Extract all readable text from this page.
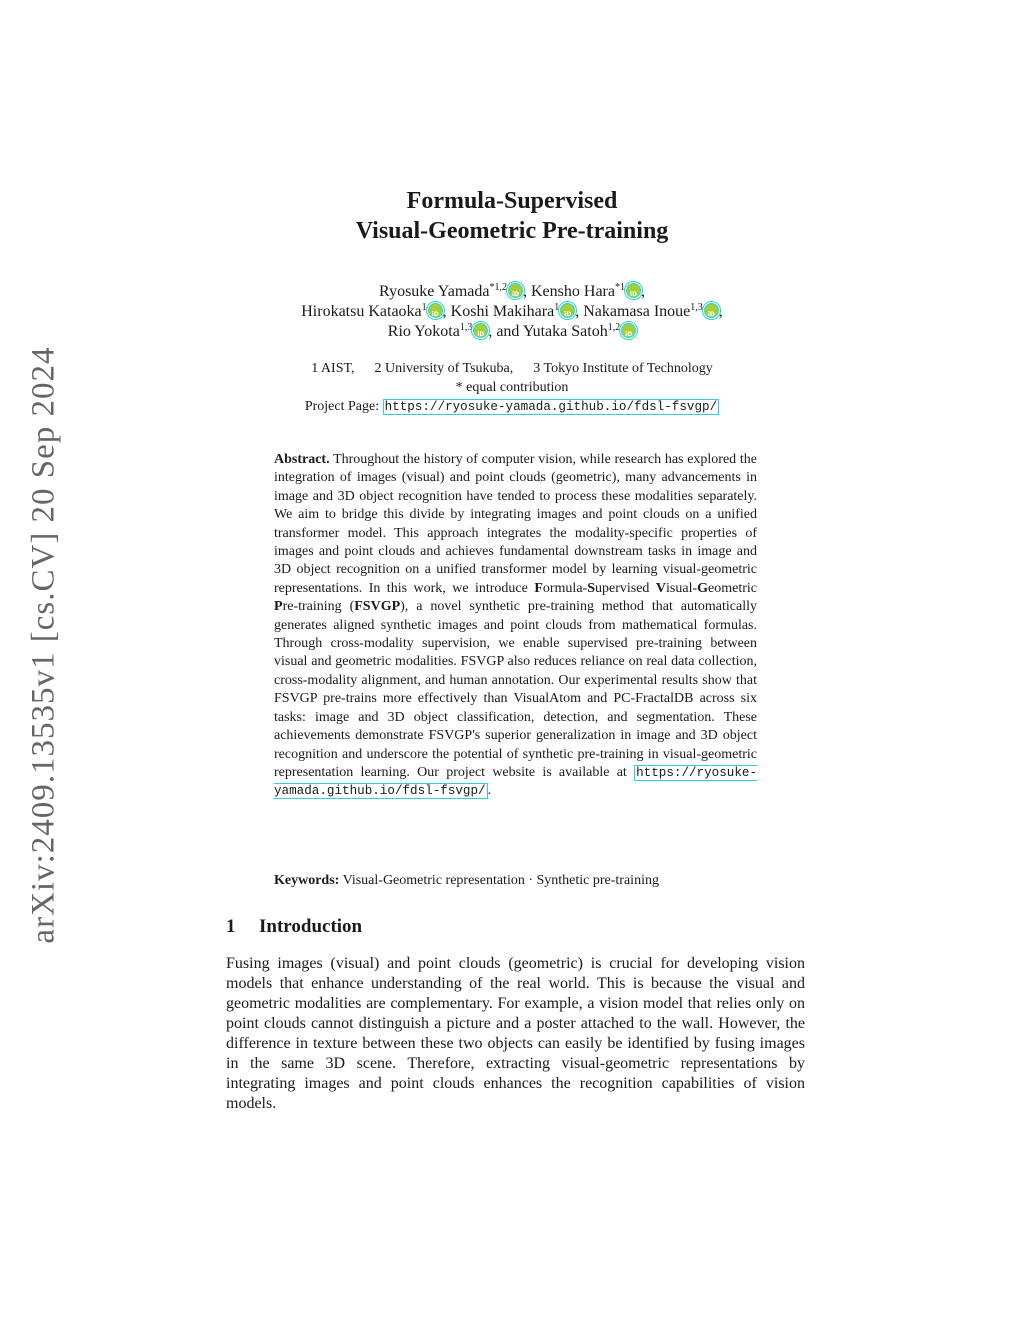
arXiv:2409.13535v1 [cs.CV] 20 Sep 2024
Formula-Supervised
Visual-Geometric Pre-training
Ryosuke Yamada$^{*1,2}$ iD , Kensho Hara$^{*1}$ iD ,
Hirokatsu Kataoka$^1$ iD , Koshi Makihara$^1$ iD , Nakamasa Inoue$^{1,3}$ iD ,
Rio Yokota$^{1,3}$ iD , and Yutaka Satoh$^{1,2}$iD
1 AIST, 2 University of Tsukuba, 3 Tokyo Institute of Technology
* equal contribution
Project Page: https://ryosuke-yamada.github.io/fdsl-fsvgp/
Abstract. Throughout the history of computer vision, while research has explored the integration of images (visual) and point clouds (geometric), many advancements in image and 3D object recognition have tended to process these modalities separately. We aim to bridge this divide by integrating images and point clouds on a unified transformer model. This approach integrates the modality-specific properties of images and point clouds and achieves fundamental downstream tasks in image and 3D object recognition on a unified transformer model by learning visual-geometric representations. In this work, we introduce Formula-Supervised Visual-Geometric Pre-training (FSVGP), a novel synthetic pre-training method that automatically generates aligned synthetic images and point clouds from mathematical formulas. Through cross-modality supervision, we enable supervised pre-training between visual and geometric modalities. FSVGP also reduces reliance on real data collection, cross-modality alignment, and human annotation. Our experimental results show that FSVGP pre-trains more effectively than VisualAtom and PC-FractalDB across six tasks: image and 3D object classification, detection, and segmentation. These achievements demonstrate FSVGP's superior generalization in image and 3D object recognition and underscore the potential of synthetic pre-training in visual-geometric representation learning. Our project website is available at https://ryosuke-yamada.github.io/fdsl-fsvgp/ .
Keywords: Visual-Geometric representation · Synthetic pre-training
1 Introduction
Fusing images (visual) and point clouds (geometric) is crucial for developing vision models that enhance understanding of the real world. This is because the visual and geometric modalities are complementary. For example, a vision model that relies only on point clouds cannot distinguish a picture and a poster attached to the wall. However, the difference in texture between these two objects can easily be identified by fusing images in the same 3D scene. Therefore, extracting visual-geometric representations by integrating images and point clouds enhances the recognition capabilities of vision models.
